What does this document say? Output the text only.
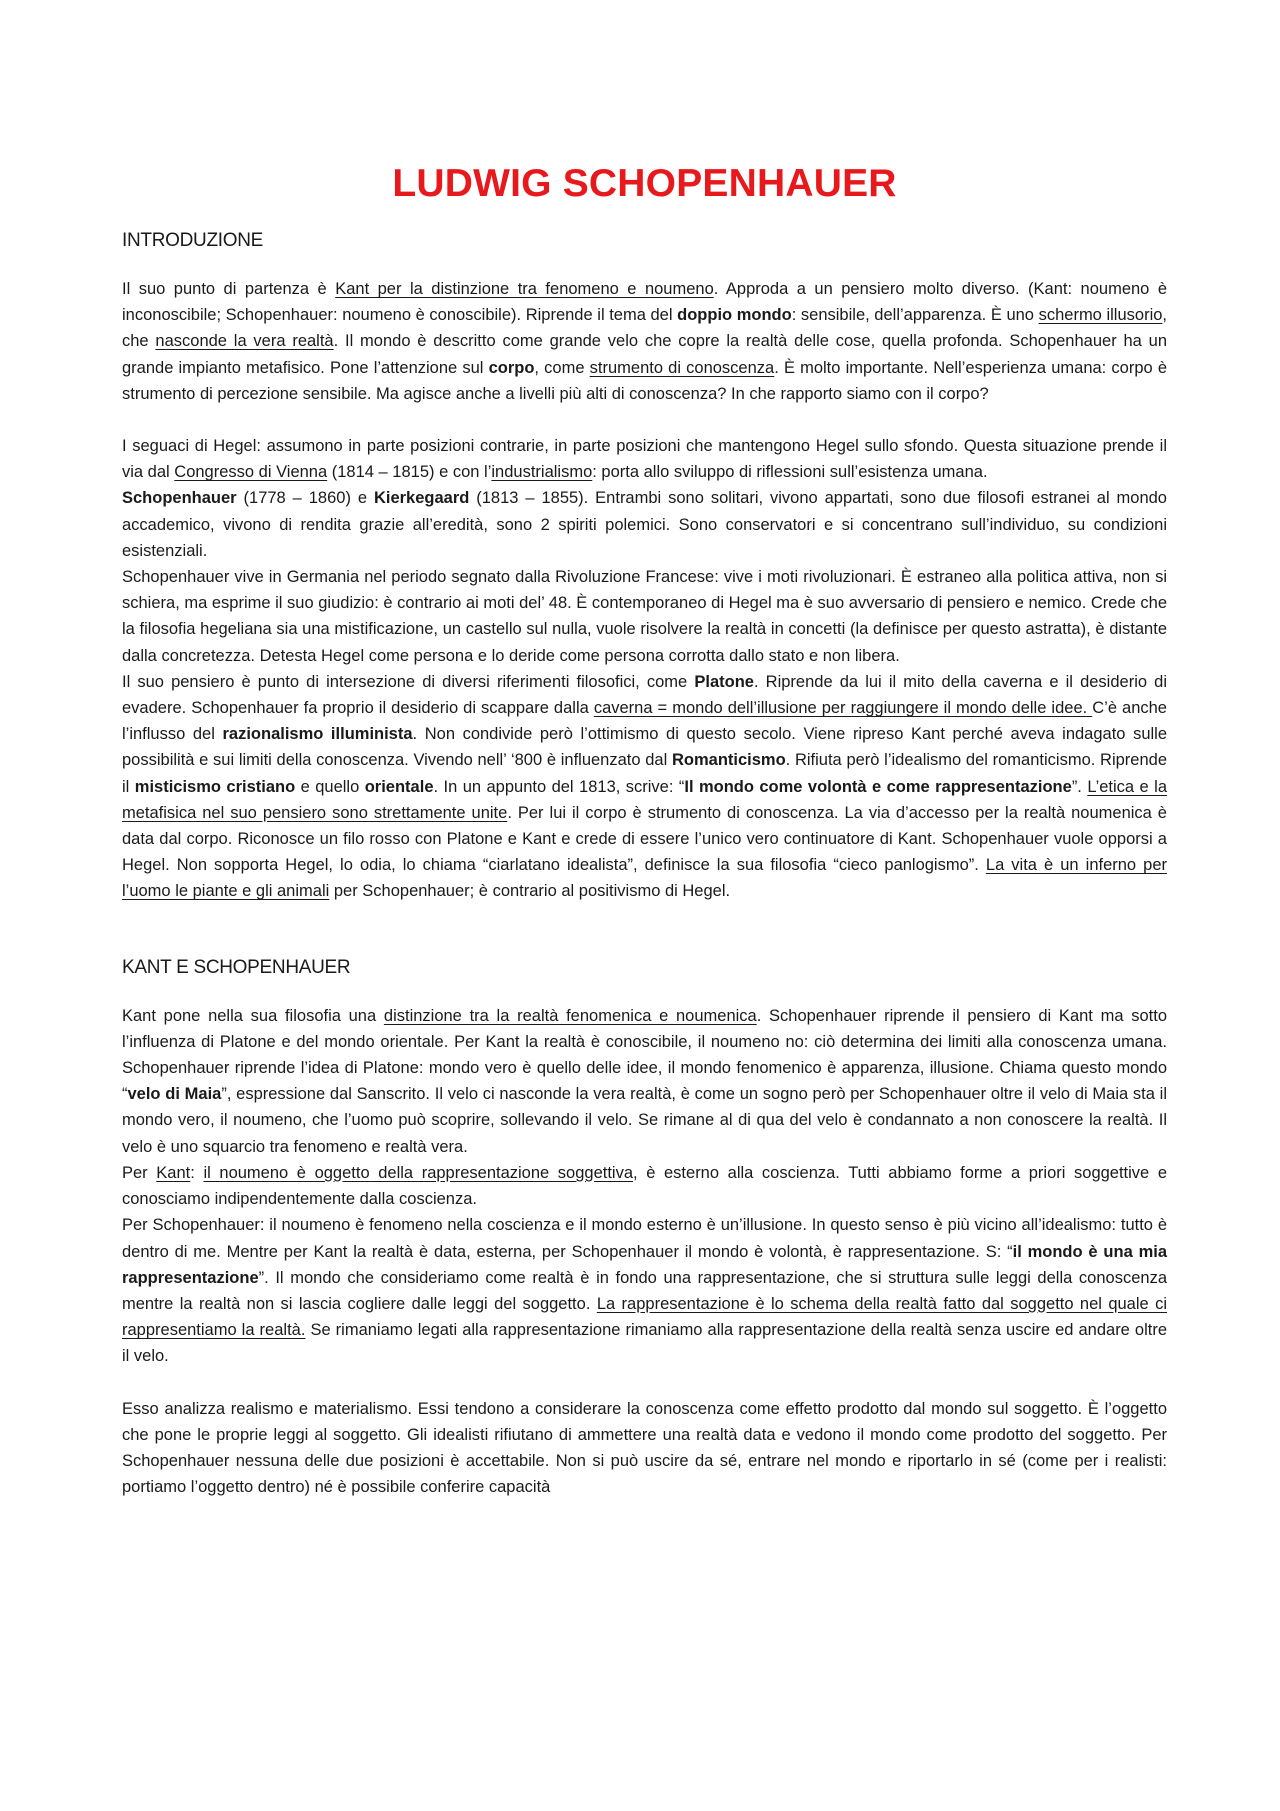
LUDWIG SCHOPENHAUER
INTRODUZIONE

Il suo punto di partenza è Kant per la distinzione tra fenomeno e noumeno. Approda a un pensiero molto diverso. (Kant: noumeno è inconoscibile; Schopenhauer: noumeno è conoscibile). Riprende il tema del doppio mondo: sensibile, dell’apparenza. È uno schermo illusorio, che nasconde la vera realtà. Il mondo è descritto come grande velo che copre la realtà delle cose, quella profonda. Schopenhauer ha un grande impianto metafisico. Pone l’attenzione sul corpo, come strumento di conoscenza. È molto importante. Nell’esperienza umana: corpo è strumento di percezione sensibile. Ma agisce anche a livelli più alti di conoscenza? In che rapporto siamo con il corpo?

I seguaci di Hegel: assumono in parte posizioni contrarie, in parte posizioni che mantengono Hegel sullo sfondo. Questa situazione prende il via dal Congresso di Vienna (1814 – 1815) e con l’industrialismo: porta allo sviluppo di riflessioni sull’esistenza umana.

Schopenhauer (1778 – 1860) e Kierkegaard (1813 – 1855). Entrambi sono solitari, vivono appartati, sono due filosofi estranei al mondo accademico, vivono di rendita grazie all’eredità, sono 2 spiriti polemici. Sono conservatori e si concentrano sull’individuo, su condizioni esistenziali.

Schopenhauer vive in Germania nel periodo segnato dalla Rivoluzione Francese: vive i moti rivoluzionari. È estraneo alla politica attiva, non si schiera, ma esprime il suo giudizio: è contrario ai moti del’ 48. È contemporaneo di Hegel ma è suo avversario di pensiero e nemico. Crede che la filosofia hegeliana sia una mistificazione, un castello sul nulla, vuole risolvere la realtà in concetti (la definisce per questo astratta), è distante dalla concretezza. Detesta Hegel come persona e lo deride come persona corrotta dallo stato e non libera.

Il suo pensiero è punto di intersezione di diversi riferimenti filosofici, come Platone. Riprende da lui il mito della caverna e il desiderio di evadere. Schopenhauer fa proprio il desiderio di scappare dalla caverna = mondo dell’illusione per raggiungere il mondo delle idee. C’è anche l’influsso del razionalismo illuminista. Non condivide però l’ottimismo di questo secolo. Viene ripreso Kant perché aveva indagato sulle possibilità e sui limiti della conoscenza. Vivendo nell’ ‘800 è influenzato dal Romanticismo. Rifiuta però l’idealismo del romanticismo. Riprende il misticismo cristiano e quello orientale. In un appunto del 1813, scrive: “Il mondo come volontà e come rappresentazione”. L’etica e la metafisica nel suo pensiero sono strettamente unite. Per lui il corpo è strumento di conoscenza. La via d’accesso per la realtà noumenica è data dal corpo. Riconosce un filo rosso con Platone e Kant e crede di essere l’unico vero continuatore di Kant. Schopenhauer vuole opporsi a Hegel. Non sopporta Hegel, lo odia, lo chiama “ciarlatano idealista”, definisce la sua filosofia “cieco panlogismo”. La vita è un inferno per l’uomo le piante e gli animali per Schopenhauer; è contrario al positivismo di Hegel.

KANT E SCHOPENHAUER

Kant pone nella sua filosofia una distinzione tra la realtà fenomenica e noumenica. Schopenhauer riprende il pensiero di Kant ma sotto l’influenza di Platone e del mondo orientale. Per Kant la realtà è conoscibile, il noumeno no: ciò determina dei limiti alla conoscenza umana. Schopenhauer riprende l’idea di Platone: mondo vero è quello delle idee, il mondo fenomenico è apparenza, illusione. Chiama questo mondo “velo di Maia”, espressione dal Sanscrito. Il velo ci nasconde la vera realtà, è come un sogno però per Schopenhauer oltre il velo di Maia sta il mondo vero, il noumeno, che l’uomo può scoprire, sollevando il velo. Se rimane al di qua del velo è condannato a non conoscere la realtà. Il velo è uno squarcio tra fenomeno e realtà vera.

Per Kant: il noumeno è oggetto della rappresentazione soggettiva, è esterno alla coscienza. Tutti abbiamo forme a priori soggettive e conosciamo indipendentemente dalla coscienza.

Per Schopenhauer: il noumeno è fenomeno nella coscienza e il mondo esterno è un’illusione. In questo senso è più vicino all’idealismo: tutto è dentro di me. Mentre per Kant la realtà è data, esterna, per Schopenhauer il mondo è volontà, è rappresentazione. S: “il mondo è una mia rappresentazione”. Il mondo che consideriamo come realtà è in fondo una rappresentazione, che si struttura sulle leggi della conoscenza mentre la realtà non si lascia cogliere dalle leggi del soggetto. La rappresentazione è lo schema della realtà fatto dal soggetto nel quale ci rappresentiamo la realtà. Se rimaniamo legati alla rappresentazione rimaniamo alla rappresentazione della realtà senza uscire ed andare oltre il velo.

Esso analizza realismo e materialismo. Essi tendono a considerare la conoscenza come effetto prodotto dal mondo sul soggetto. È l’oggetto che pone le proprie leggi al soggetto. Gli idealisti rifiutano di ammettere una realtà data e vedono il mondo come prodotto del soggetto. Per Schopenhauer nessuna delle due posizioni è accettabile. Non si può uscire da sé, entrare nel mondo e riportarlo in sé (come per i realisti: portiamo l’oggetto dentro) né è possibile conferire capacità
